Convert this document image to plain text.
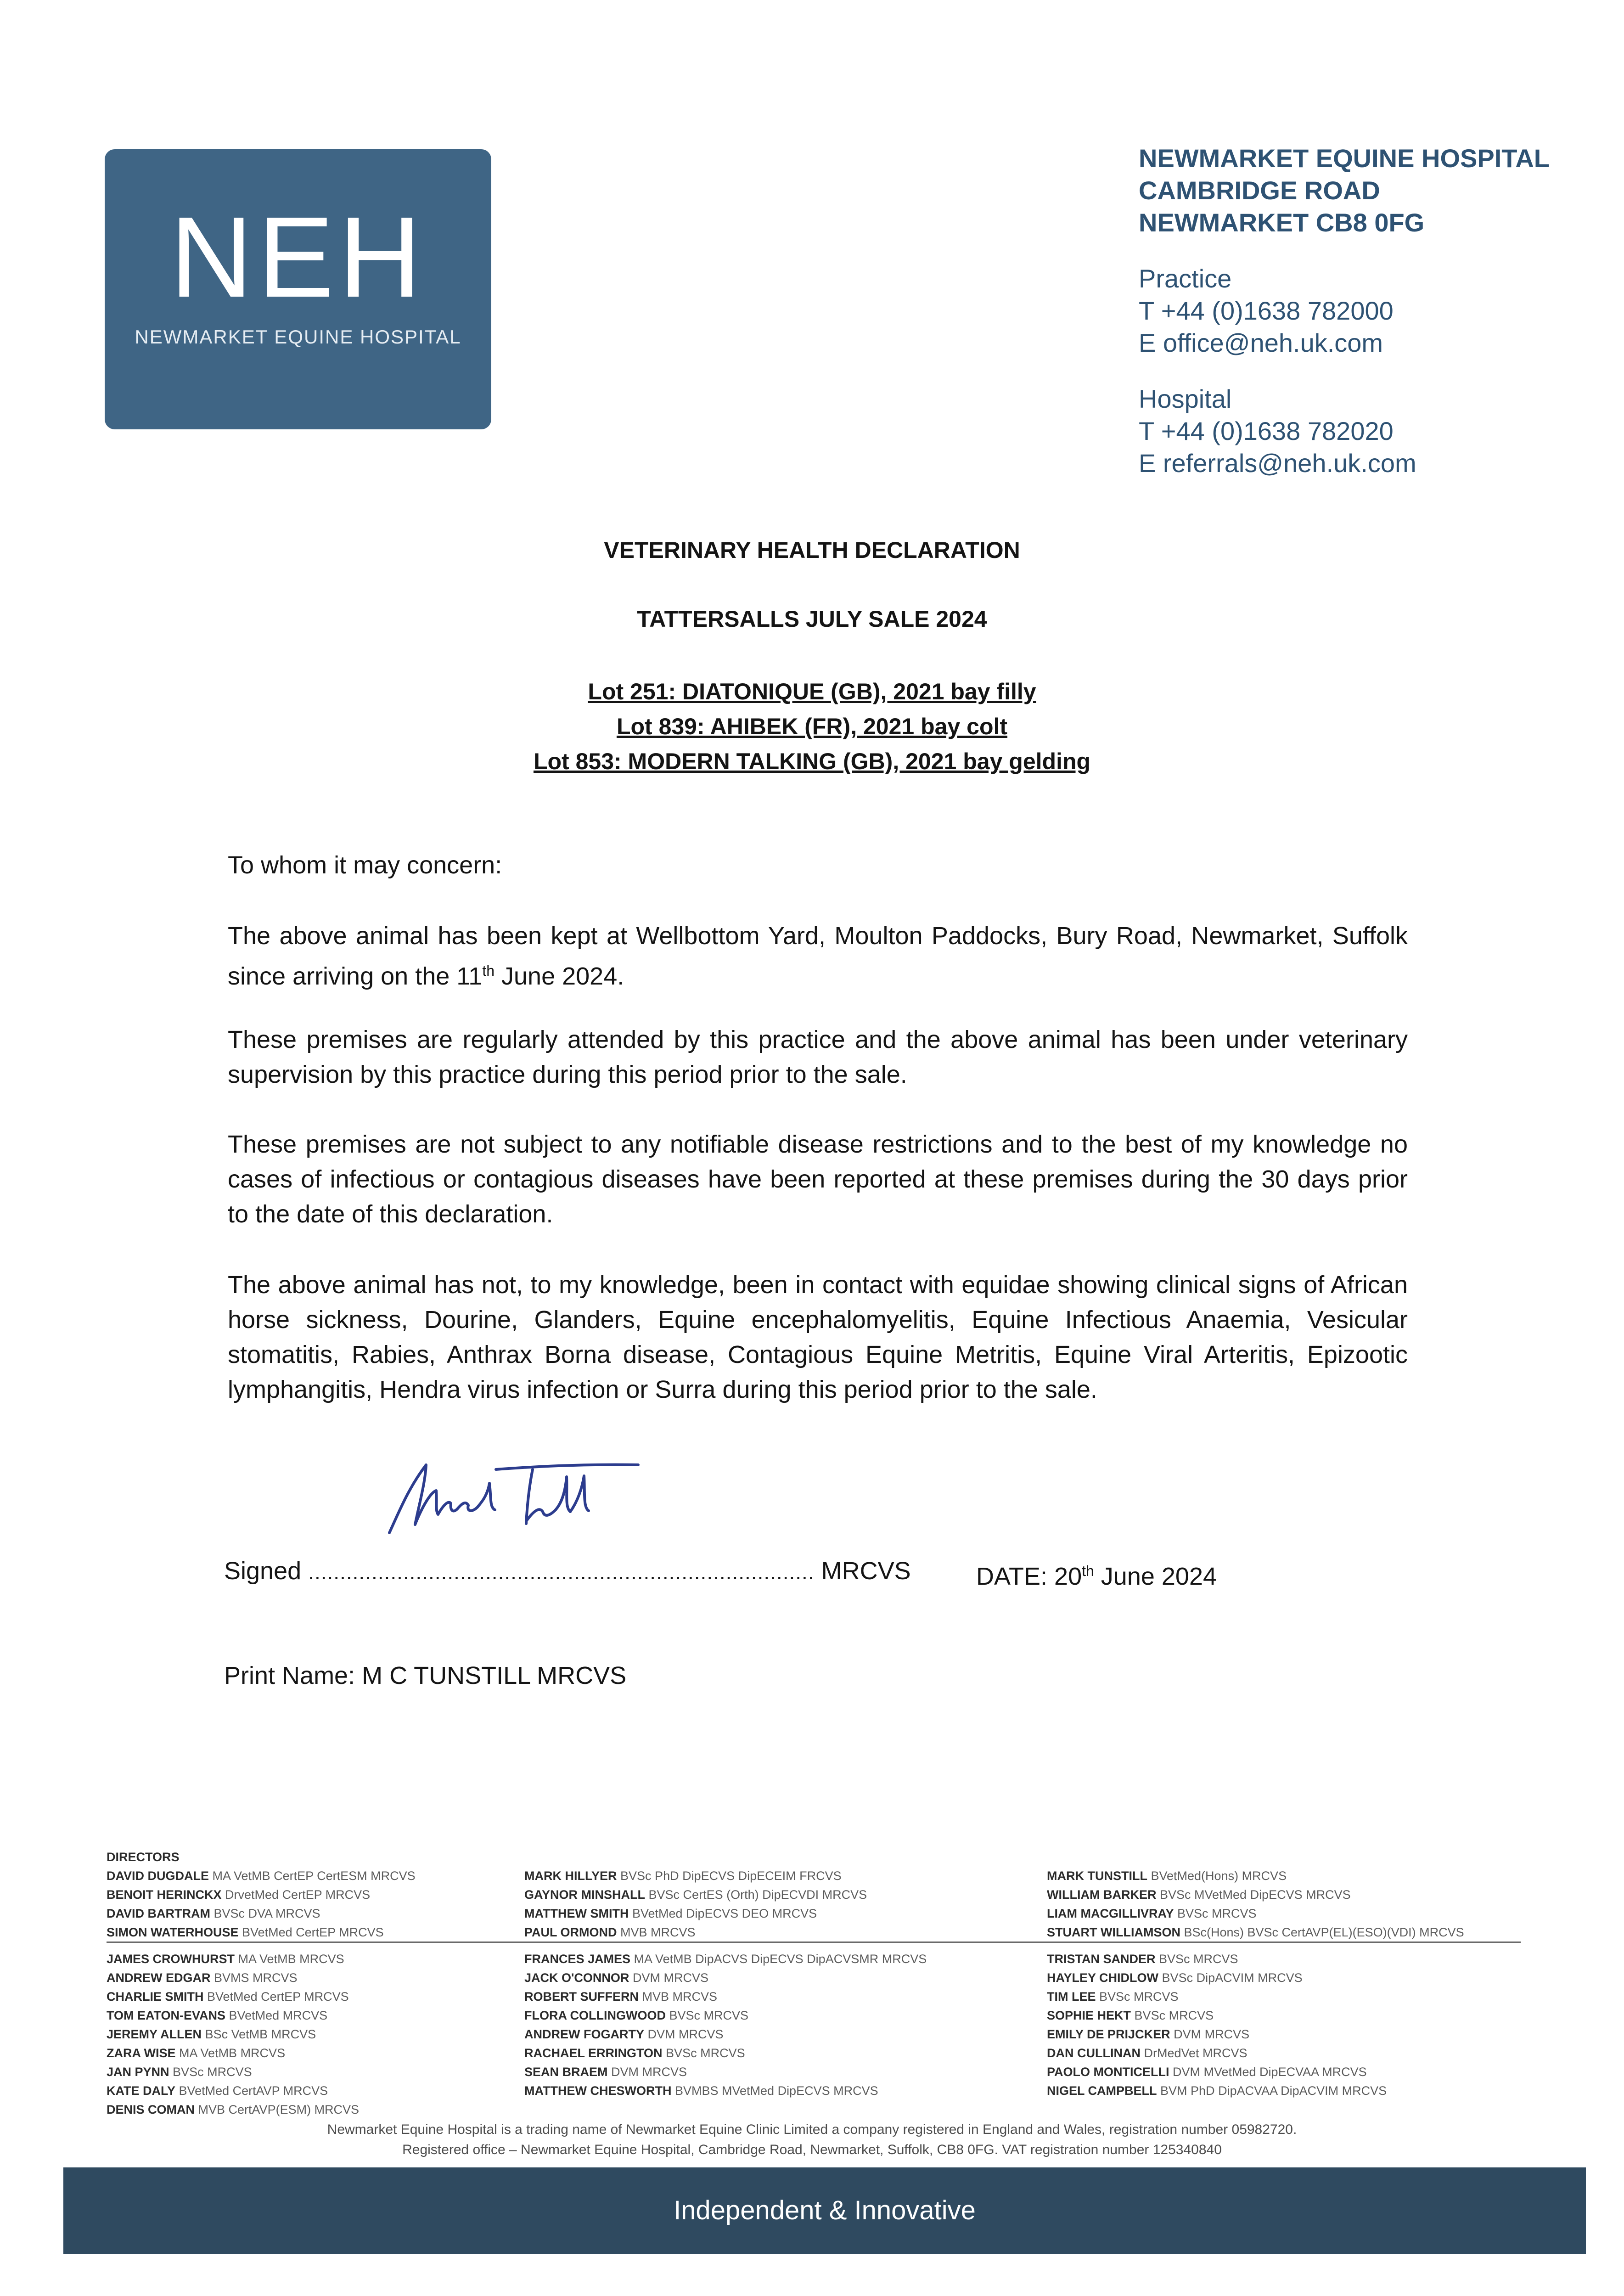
NEH
NEWMARKET EQUINE HOSPITAL
NEWMARKET EQUINE HOSPITAL
CAMBRIDGE ROAD
NEWMARKET CB8 0FG
Practice
T +44 (0)1638 782000
E office@neh.uk.com
Hospital
T +44 (0)1638 782020
E referrals@neh.uk.com
VETERINARY HEALTH DECLARATION
TATTERSALLS JULY SALE 2024
Lot 251: DIATONIQUE (GB), 2021 bay filly
Lot 839: AHIBEK (FR), 2021 bay colt
Lot 853: MODERN TALKING (GB), 2021 bay gelding
To whom it may concern:
The above animal has been kept at Wellbottom Yard, Moulton Paddocks, Bury Road, Newmarket, Suffolk since arriving on the 11th June 2024.
These premises are regularly attended by this practice and the above animal has been under veterinary supervision by this practice during this period prior to the sale.
These premises are not subject to any notifiable disease restrictions and to the best of my knowledge no cases of infectious or contagious diseases have been reported at these premises during the 30 days prior to the date of this declaration.
The above animal has not, to my knowledge, been in contact with equidae showing clinical signs of African horse sickness, Dourine, Glanders, Equine encephalomyelitis, Equine Infectious Anaemia, Vesicular stomatitis, Rabies, Anthrax Borna disease, Contagious Equine Metritis, Equine Viral Arteritis, Epizootic lymphangitis, Hendra virus infection or Surra during this period prior to the sale.
Signed ................................................................................ MRCVS	DATE: 20th June 2024
Print Name: M C TUNSTILL MRCVS
DIRECTORS
DAVID DUGDALE MA VetMB CertEP CertESM MRCVS
BENOIT HERINCKX DrvetMed CertEP MRCVS
DAVID BARTRAM BVSc DVA MRCVS
SIMON WATERHOUSE BVetMed CertEP MRCVS
MARK HILLYER BVSc PhD DipECVS DipECEIM FRCVS
GAYNOR MINSHALL BVSc CertES (Orth) DipECVDI MRCVS
MATTHEW SMITH BVetMed DipECVS DEO MRCVS
PAUL ORMOND MVB MRCVS
MARK TUNSTILL BVetMed(Hons) MRCVS
WILLIAM BARKER BVSc MVetMed DipECVS MRCVS
LIAM MACGILLIVRAY BVSc MRCVS
STUART WILLIAMSON BSc(Hons) BVSc CertAVP(EL)(ESO)(VDI) MRCVS
JAMES CROWHURST MA VetMB MRCVS
ANDREW EDGAR BVMS MRCVS
CHARLIE SMITH BVetMed CertEP MRCVS
TOM EATON-EVANS BVetMed MRCVS
JEREMY ALLEN BSc VetMB MRCVS
ZARA WISE MA VetMB MRCVS
JAN PYNN BVSc MRCVS
KATE DALY BVetMed CertAVP MRCVS
DENIS COMAN MVB CertAVP(ESM) MRCVS
FRANCES JAMES MA VetMB DipACVS DipECVS DipACVSMR MRCVS
JACK O'CONNOR DVM MRCVS
ROBERT SUFFERN MVB MRCVS
FLORA COLLINGWOOD BVSc MRCVS
ANDREW FOGARTY DVM MRCVS
RACHAEL ERRINGTON BVSc MRCVS
SEAN BRAEM DVM MRCVS
MATTHEW CHESWORTH BVMBS MVetMed DipECVS MRCVS
TRISTAN SANDER BVSc MRCVS
HAYLEY CHIDLOW BVSc DipACVIM MRCVS
TIM LEE BVSc MRCVS
SOPHIE HEKT BVSc MRCVS
EMILY DE PRIJCKER DVM MRCVS
DAN CULLINAN DrMedVet MRCVS
PAOLO MONTICELLI DVM MVetMed DipECVAA MRCVS
NIGEL CAMPBELL BVM PhD DipACVAA DipACVIM MRCVS
Newmarket Equine Hospital is a trading name of Newmarket Equine Clinic Limited a company registered in England and Wales, registration number 05982720.
Registered office – Newmarket Equine Hospital, Cambridge Road, Newmarket, Suffolk, CB8 0FG. VAT registration number 125340840
Independent & Innovative
